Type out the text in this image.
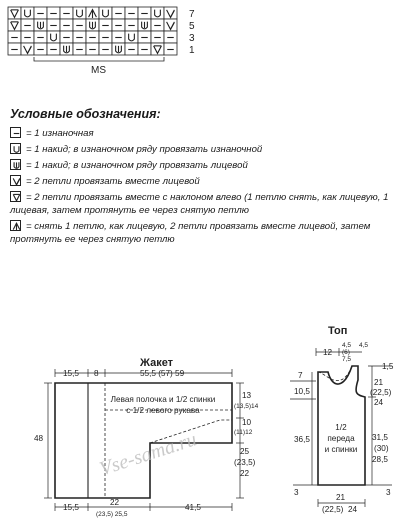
7
5
3
1
MS
Условные обозначения:
= 1 изнаночная
= 1 накид; в изнаночном ряду провязать изнаночной
= 1 накид; в изнаночном ряду провязать лицевой
= 2 петли провязать вместе лицевой
= 2 петли провязать вместе с наклоном влево (1 петлю снять, как лицевую, 1 лицевая, затем протянуть ее через снятую петлю
= снять 1 петлю, как лицевую, 2 петли провязать вместе лицевой, затем протянуть ее через снятую петлю
Жакет
15,5 8	55,5 (57) 59
Левая полочка и 1/2 спинки
с 1/2 левого рукава
48
13
(13,5)14
10
(11)12
25
(23,5)
22
15,5
22
(23,5) 25,5
41,5
Vse-sama.ru
Топ
4,5 4,5
(6)
7,5
12
1,5
1/2
переда
и спинки
7
10,5
36,5
3
21
(22,5)
24
31,5
(30)
28,5
3
21
(22,5) 24
